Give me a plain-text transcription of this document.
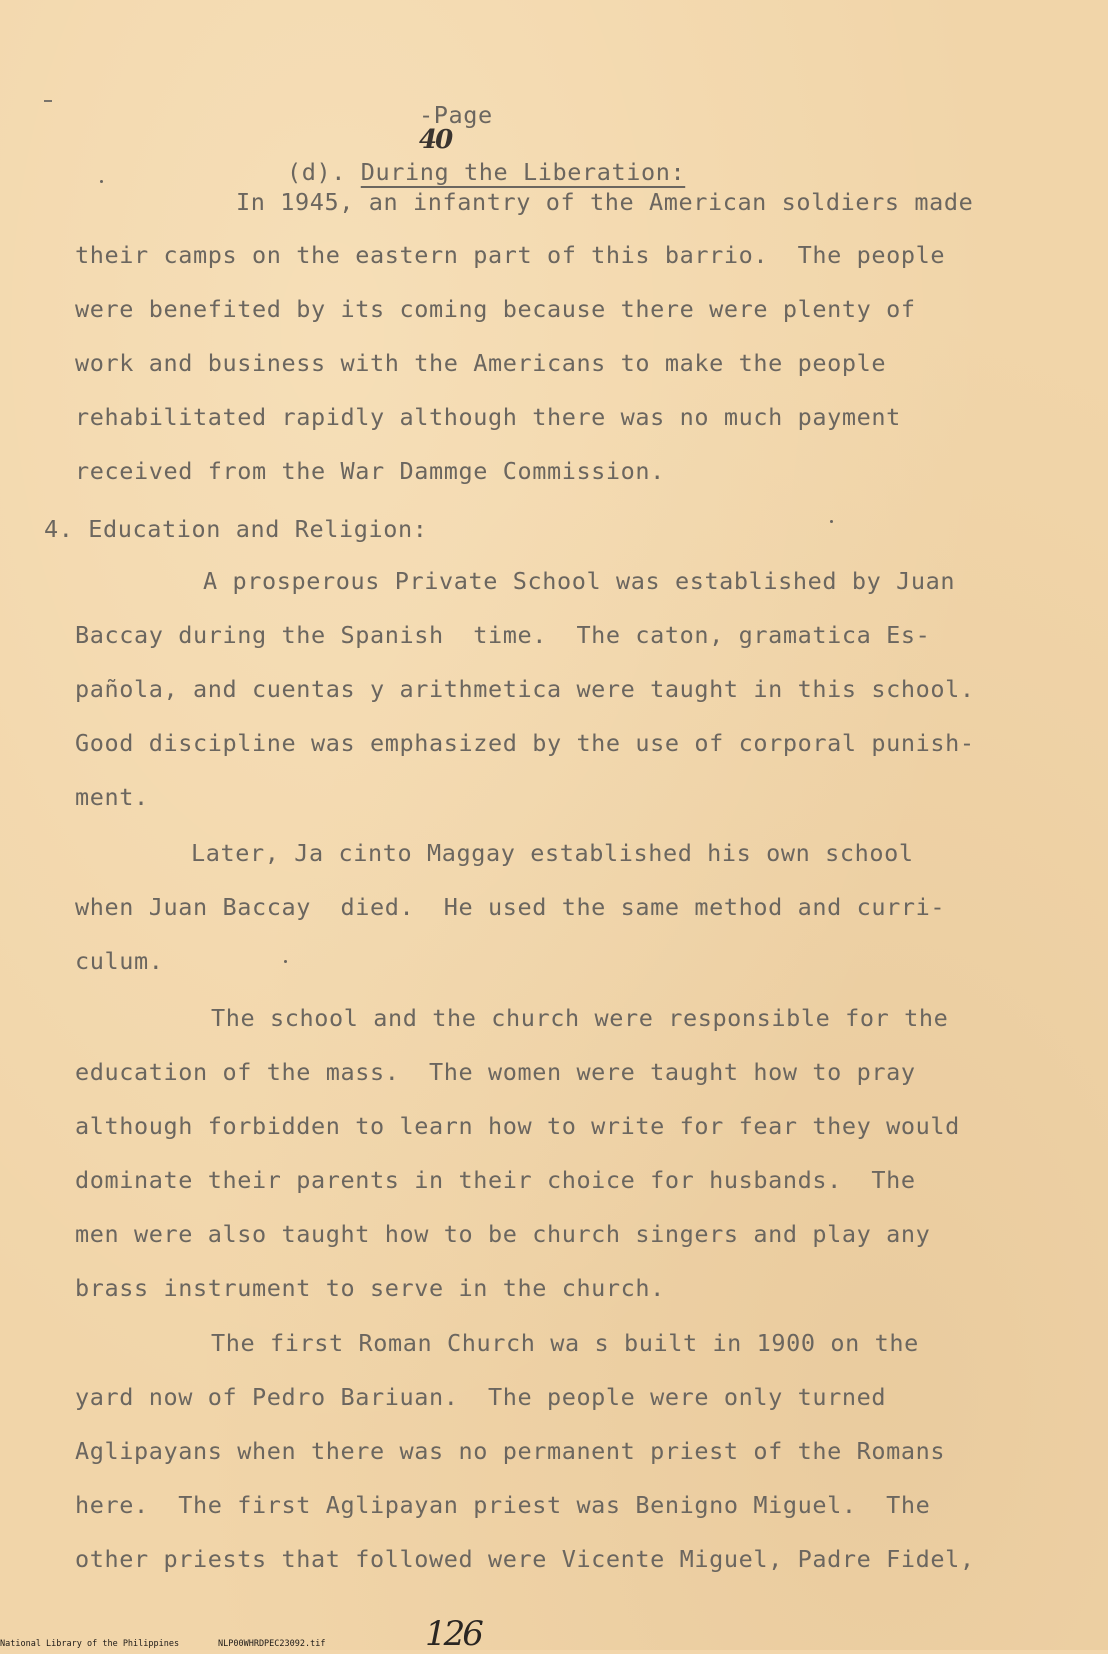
-Page
40

(d). During the Liberation:

In 1945, an infantry of the American soldiers made
their camps on the eastern part of this barrio.  The people
were benefited by its coming because there were plenty of
work and business with the Americans to make the people
rehabilitated rapidly although there was no much payment
received from the War Dammge Commission.
4. Education and Religion:
A prosperous Private School was established by Juan
Baccay during the Spanish  time.  The caton, gramatica Es-
pañola, and cuentas y arithmetica were taught in this school.
Good discipline was emphasized by the use of corporal punish-
ment.
Later, Ja cinto Maggay established his own school
when Juan Baccay  died.  He used the same method and curri-
culum.
The school and the church were responsible for the
education of the mass.  The women were taught how to pray
although forbidden to learn how to write for fear they would
dominate their parents in their choice for husbands.  The
men were also taught how to be church singers and play any
brass instrument to serve in the church.
The first Roman Church wa s built in 1900 on the
yard now of Pedro Bariuan.  The people were only turned
Aglipayans when there was no permanent priest of the Romans
here.  The first Aglipayan priest was Benigno Miguel.  The
other priests that followed were Vicente Miguel, Padre Fidel,
126
National Library of the Philippines	NLP00WHRDPEC23092.tif
